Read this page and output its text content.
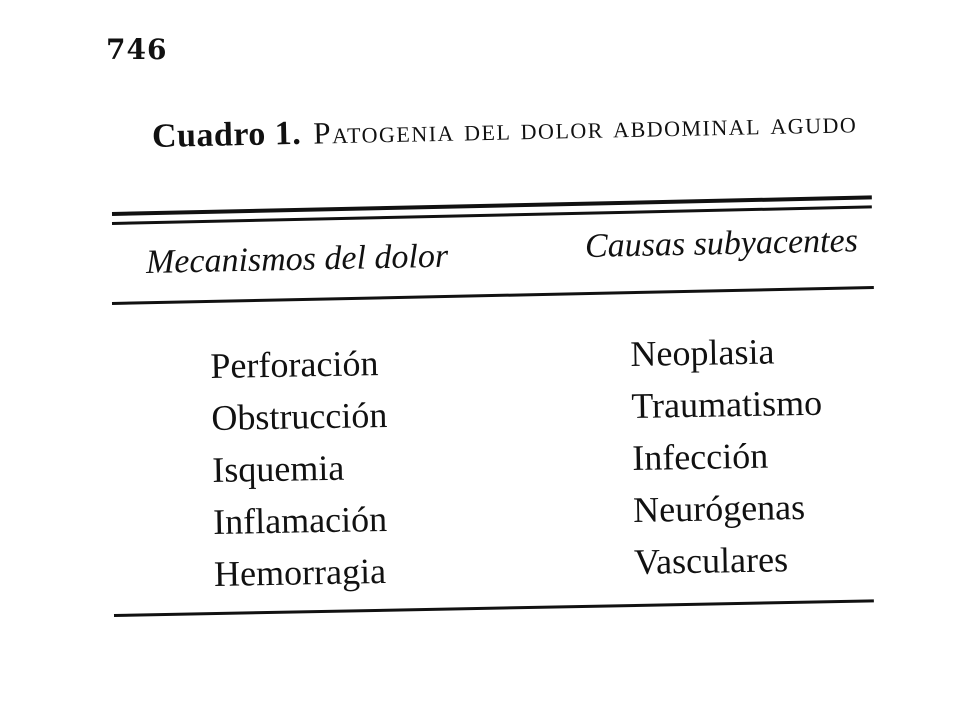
746
Cuadro 1. Patogenia del dolor abdominal agudo
Mecanismos del dolor	Causas subyacentes
Perforación
Obstrucción
Isquemia
Inflamación
Hemorragia
Neoplasia
Traumatismo
Infección
Neurógenas
Vasculares
